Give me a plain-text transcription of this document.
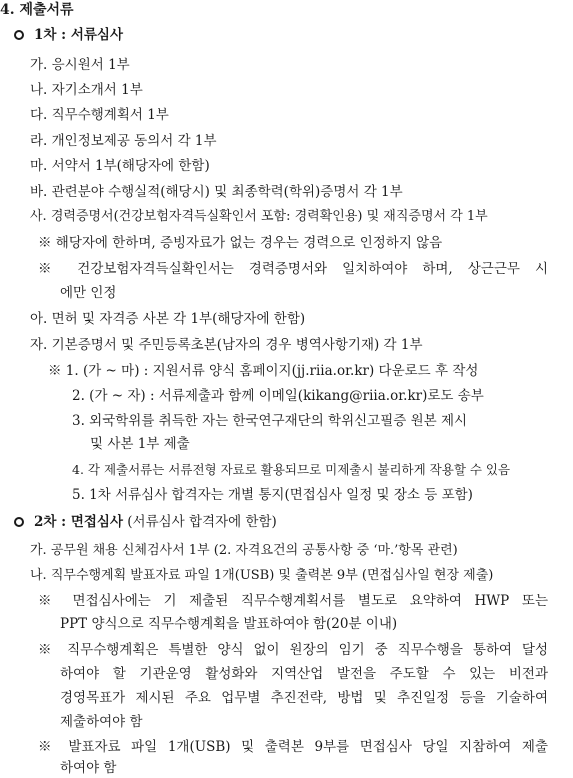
4. 제출서류
1차 : 서류심사
가. 응시원서 1부
나. 자기소개서 1부
다. 직무수행계획서 1부
라. 개인정보제공 동의서 각 1부
마. 서약서 1부(해당자에 한함)
바. 관련분야 수행실적(해당시) 및 최종학력(학위)증명서 각 1부
사. 경력증명서(건강보험자격득실확인서 포함: 경력확인용) 및 재직증명서 각 1부
※ 해당자에 한하며, 증빙자료가 없는 경우는 경력으로 인정하지 않음
※ 건강보험자격득실확인서는 경력증명서와 일치하여야 하며, 상근근무 시
에만 인정
아. 면허 및 자격증 사본 각 1부(해당자에 한함)
자. 기본증명서 및 주민등록초본(남자의 경우 병역사항기재) 각 1부
※ 1. (가 ~ 마) : 지원서류 양식 홈페이지(jj.riia.or.kr) 다운로드 후 작성
2. (가 ~ 자) : 서류제출과 함께 이메일(kikang@riia.or.kr)로도 송부
3. 외국학위를 취득한 자는 한국연구재단의 학위신고필증 원본 제시
및 사본 1부 제출
4. 각 제출서류는 서류전형 자료로 활용되므로 미제출시 불리하게 작용할 수 있음
5. 1차 서류심사 합격자는 개별 통지(면접심사 일정 및 장소 등 포함)
2차 : 면접심사 (서류심사 합격자에 한함)
가. 공무원 채용 신체검사서 1부 (2. 자격요건의 공통사항 중 ‘마.’항목 관련)
나. 직무수행계획 발표자료 파일 1개(USB) 및 출력본 9부 (면접심사일 현장 제출)
※ 면접심사에는 기 제출된 직무수행계획서를 별도로 요약하여 HWP 또는
PPT 양식으로 직무수행계획을 발표하여야 함(20분 이내)
※ 직무수행계획은 특별한 양식 없이 원장의 임기 중 직무수행을 통하여 달성
하여야 할 기관운영 활성화와 지역산업 발전을 주도할 수 있는 비전과
경영목표가 제시된 주요 업무별 추진전략, 방법 및 추진일정 등을 기술하여
제출하여야 함
※ 발표자료 파일 1개(USB) 및 출력본 9부를 면접심사 당일 지참하여 제출
하여야 함
